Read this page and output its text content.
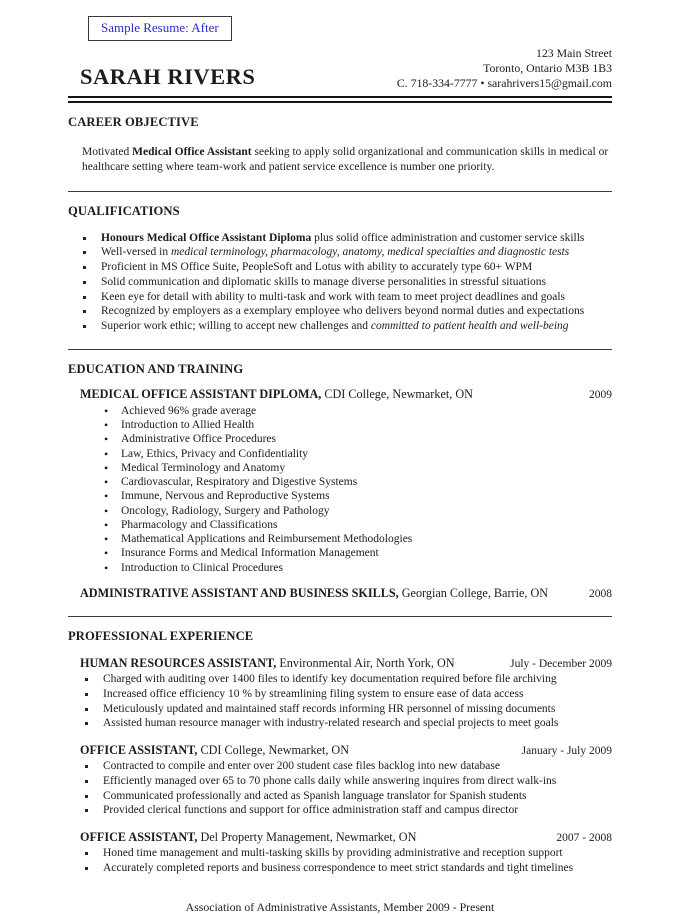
Sample Resume: After
SARAH RIVERS
123 Main Street
Toronto, Ontario M3B 1B3
C. 718-334-7777 • sarahrivers15@gmail.com
CAREER OBJECTIVE

Motivated Medical Office Assistant seeking to apply solid organizational and communication skills in medical or healthcare setting where team-work and patient service excellence is number one priority.

QUALIFICATIONS
Honours Medical Office Assistant Diploma plus solid office administration and customer service skills
Well-versed in medical terminology, pharmacology, anatomy, medical specialties and diagnostic tests
Proficient in MS Office Suite, PeopleSoft and Lotus with ability to accurately type 60+ WPM
Solid communication and diplomatic skills to manage diverse personalities in stressful situations
Keen eye for detail with ability to multi-task and work with team to meet project deadlines and goals
Recognized by employers as a exemplary employee who delivers beyond normal duties and expectations
Superior work ethic; willing to accept new challenges and committed to patient health and well-being
EDUCATION AND TRAINING
MEDICAL OFFICE ASSISTANT DIPLOMA, CDI College, Newmarket, ON	2009
• Achieved 96% grade average
• Introduction to Allied Health
• Administrative Office Procedures
• Law, Ethics, Privacy and Confidentiality
• Medical Terminology and Anatomy
• Cardiovascular, Respiratory and Digestive Systems
• Immune, Nervous and Reproductive Systems
• Oncology, Radiology, Surgery and Pathology
• Pharmacology and Classifications
• Mathematical Applications and Reimbursement Methodologies
• Insurance Forms and Medical Information Management
• Introduction to Clinical Procedures
ADMINISTRATIVE ASSISTANT AND BUSINESS SKILLS, Georgian College, Barrie, ON	2008
PROFESSIONAL EXPERIENCE
HUMAN RESOURCES ASSISTANT, Environmental Air, North York, ON	July - December 2009
Charged with auditing over 1400 files to identify key documentation required before file archiving
Increased office efficiency 10 % by streamlining filing system to ensure ease of data access
Meticulously updated and maintained staff records informing HR personnel of missing documents
Assisted human resource manager with industry-related research and special projects to meet goals
OFFICE ASSISTANT, CDI College, Newmarket, ON	January - July 2009
Contracted to compile and enter over 200 student case files backlog into new database
Efficiently managed over 65 to 70 phone calls daily while answering inquires from direct walk-ins
Communicated professionally and acted as Spanish language translator for Spanish students
Provided clerical functions and support for office administration staff and campus director
OFFICE ASSISTANT, Del Property Management, Newmarket, ON	2007 - 2008
Honed time management and multi-tasking skills by providing administrative and reception support
Accurately completed reports and business correspondence to meet strict standards and tight timelines
Association of Administrative Assistants, Member 2009 - Present
